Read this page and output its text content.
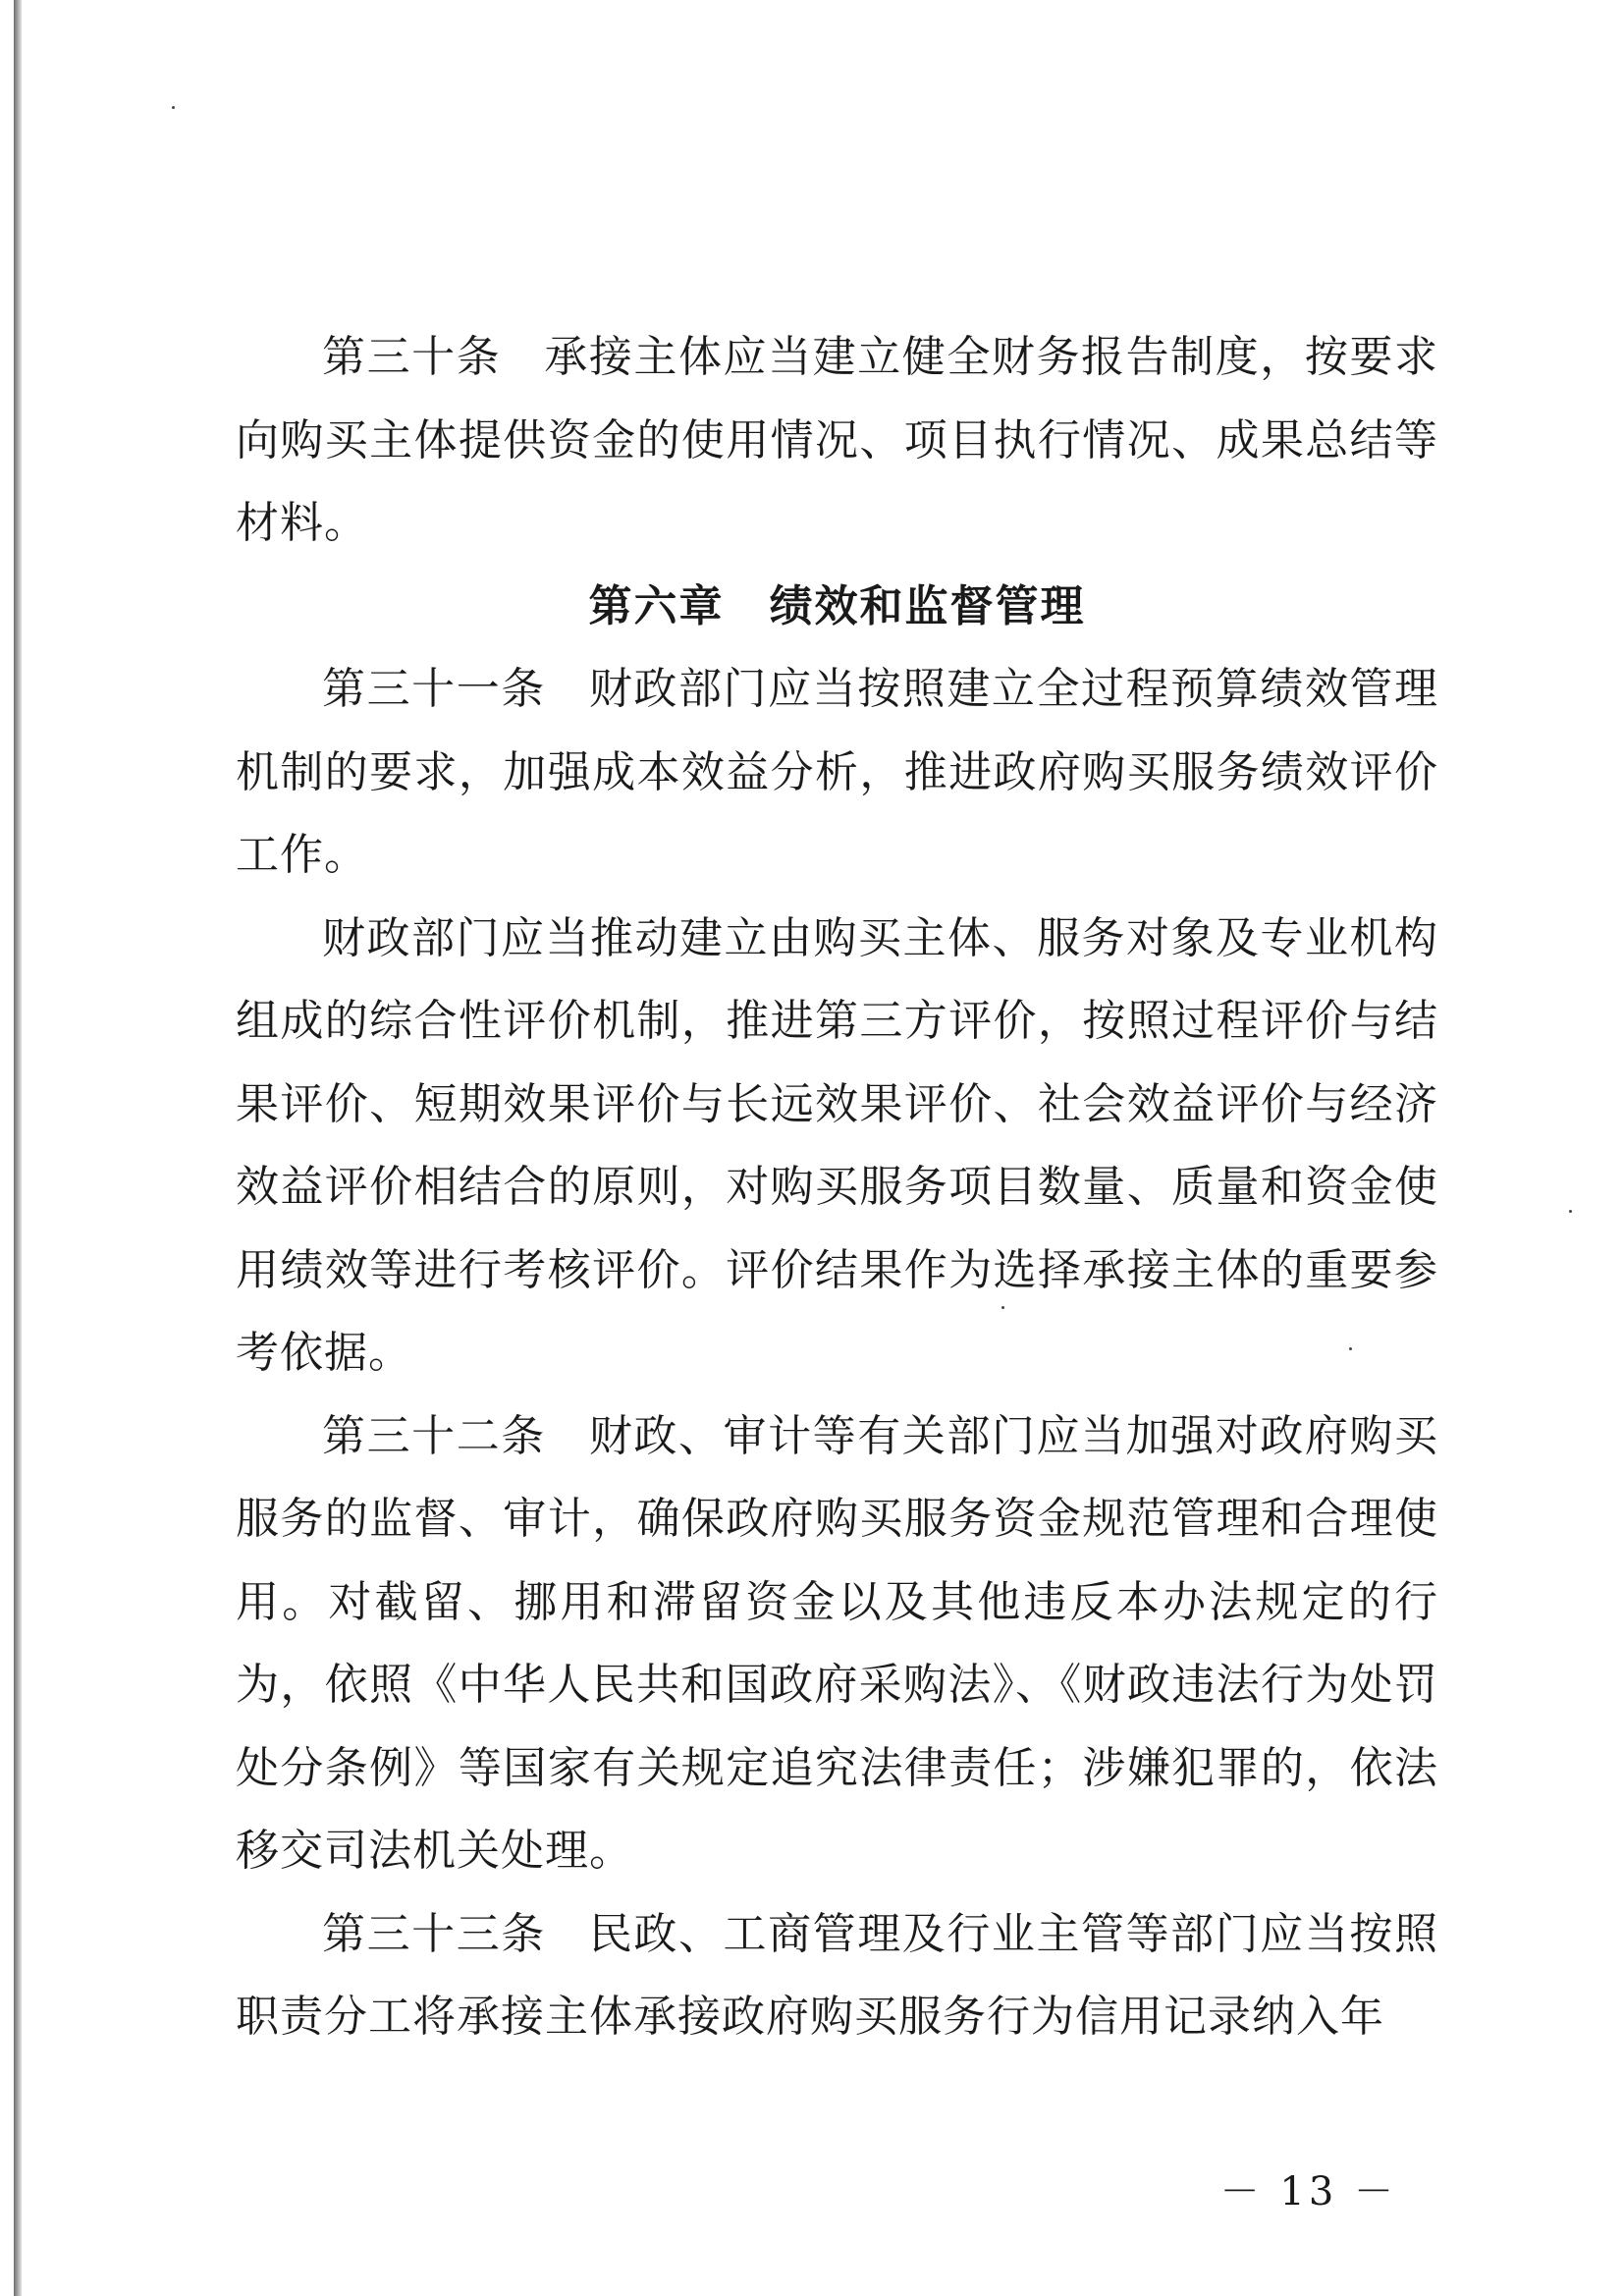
第三十条 承接主体应当建立健全财务报告制度，按要求向购买主体提供资金的使用情况、项目执行情况、成果总结等材料。

第六章　绩效和监督管理

第三十一条 财政部门应当按照建立全过程预算绩效管理机制的要求，加强成本效益分析，推进政府购买服务绩效评价工作。

财政部门应当推动建立由购买主体、服务对象及专业机构组成的综合性评价机制，推进第三方评价，按照过程评价与结果评价、短期效果评价与长远效果评价、社会效益评价与经济效益评价相结合的原则，对购买服务项目数量、质量和资金使用绩效等进行考核评价。评价结果作为选择承接主体的重要参考依据。

第三十二条 财政、审计等有关部门应当加强对政府购买服务的监督、审计，确保政府购买服务资金规范管理和合理使用。对截留、挪用和滞留资金以及其他违反本办法规定的行为，依照《中华人民共和国政府采购法》、《财政违法行为处罚处分条例》等国家有关规定追究法律责任；涉嫌犯罪的，依法移交司法机关处理。

第三十三条 民政、工商管理及行业主管等部门应当按照职责分工将承接主体承接政府购买服务行为信用记录纳入年

－ 13 －
